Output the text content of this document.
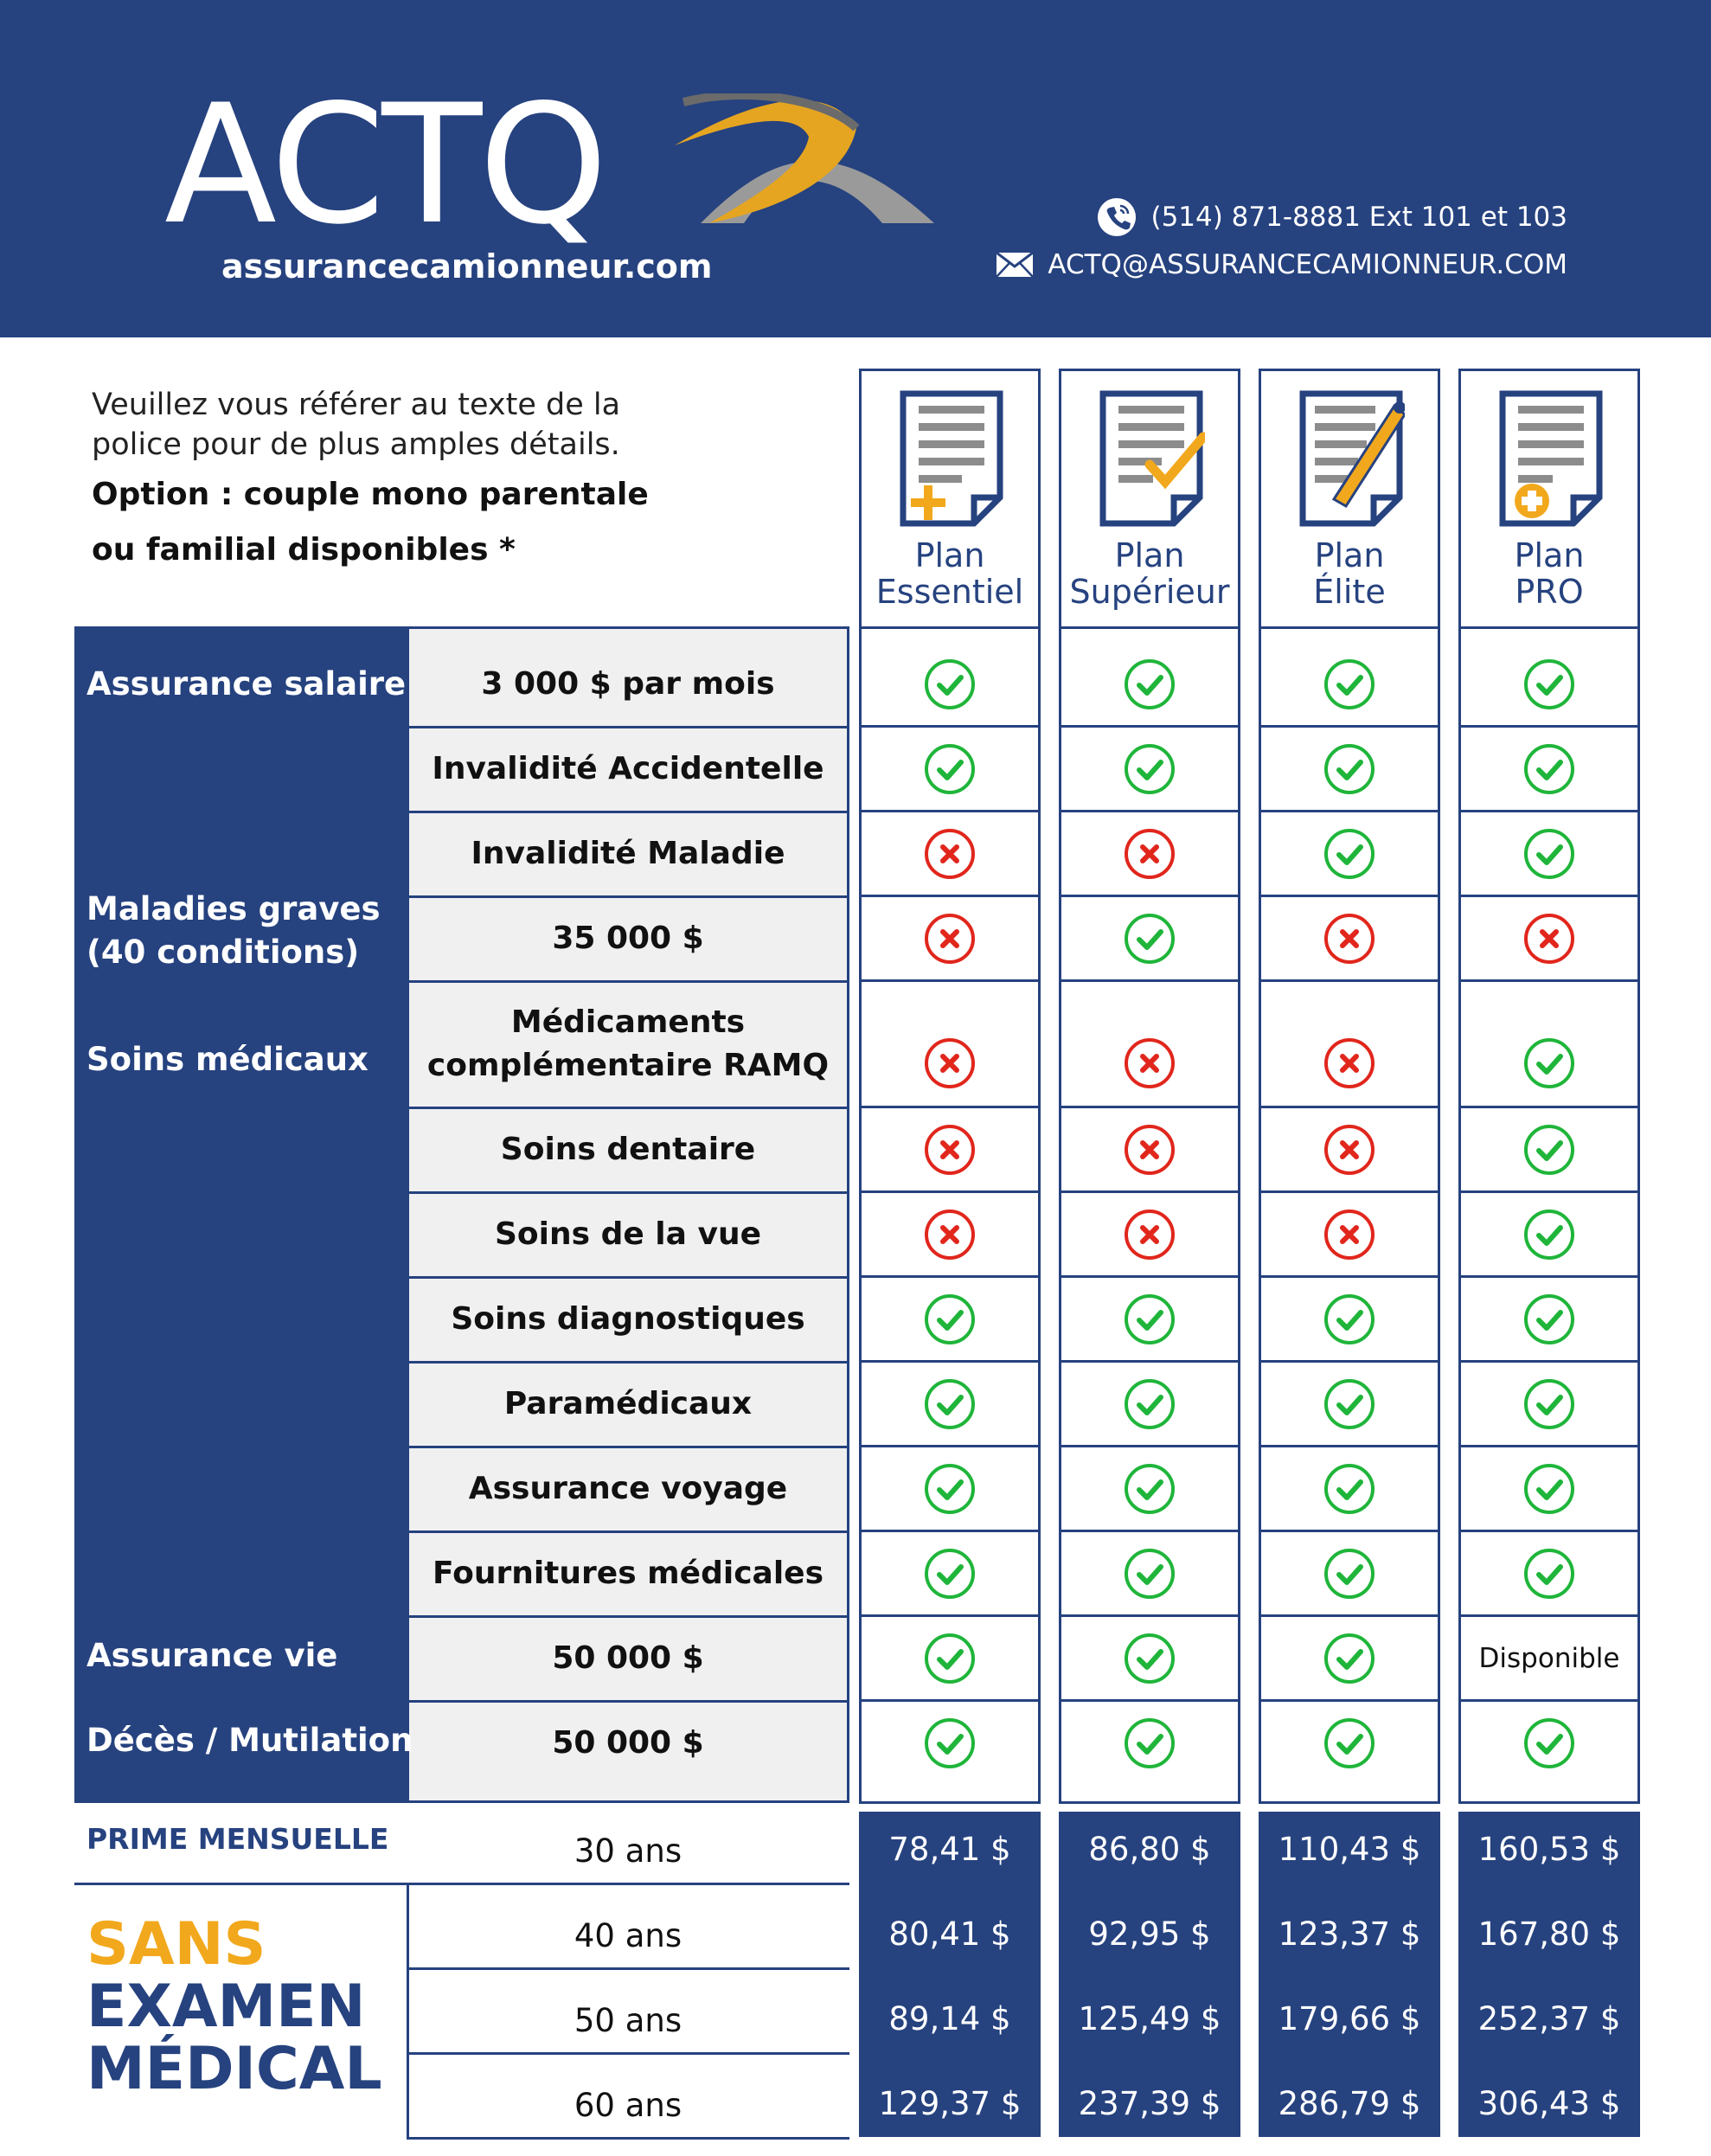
ACTQ
assurancecamionneur.com
(514) 871-8881 Ext 101 et 103
ACTQ@ASSURANCECAMIONNEUR.COM
Veuillez vous référer au texte de la
police pour de plus amples détails.
Option : couple mono parentale
ou familial disponibles *	Plan
Essentiel
Plan
Supérieur
Plan
Élite
Plan
PRO
Assurance salaire
Maladies graves
(40 conditions)
Soins médicaux
Assurance vie
Décès / Mutilation
3 000 $ par mois
Invalidité Accidentelle
Invalidité Maladie
35 000 $
Médicaments complémentaire RAMQ
Soins dentaire
Soins de la vue
Soins diagnostiques
Paramédicaux
Assurance voyage
Fournitures médicales
50 000 $
50 000 $
Disponible
PRIME MENSUELLE
SANS
EXAMEN
MÉDICAL
30 ans
40 ans
50 ans
60 ans
78,41 $
80,41 $
89,14 $
129,37 $
86,80 $
92,95 $
125,49 $
237,39 $
110,43 $
123,37 $
179,66 $
286,79 $
160,53 $
167,80 $
252,37 $
306,43 $
